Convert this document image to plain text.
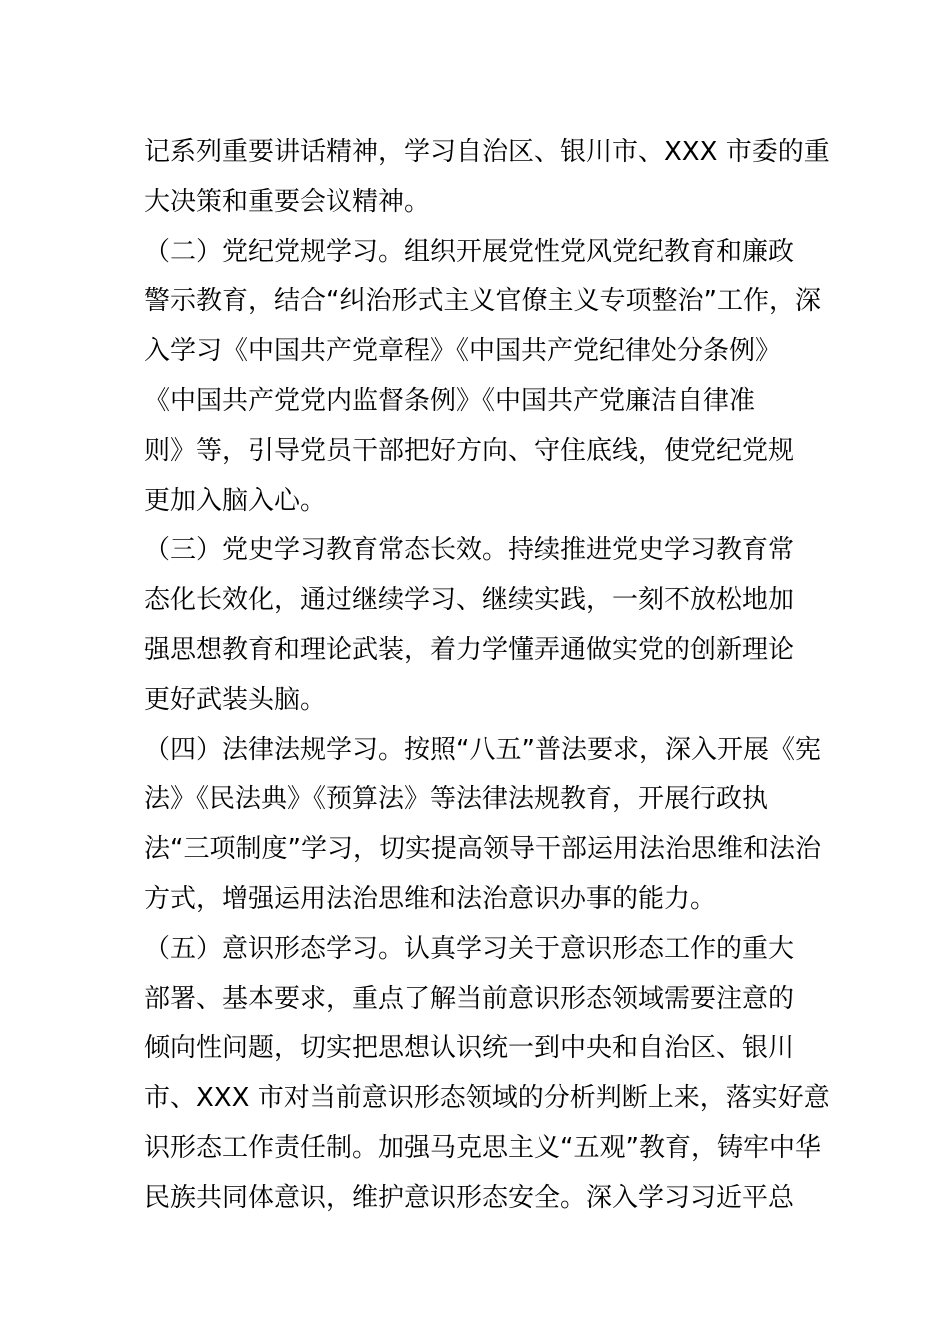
记系列重要讲话精神，学习自治区、银川市、XXX 市委的重
大决策和重要会议精神。
（二）党纪党规学习。组织开展党性党风党纪教育和廉政
警示教育，结合“纠治形式主义官僚主义专项整治”工作，深
入学习《中国共产党章程》《中国共产党纪律处分条例》
《中国共产党党内监督条例》《中国共产党廉洁自律准
则》等，引导党员干部把好方向、守住底线，使党纪党规
更加入脑入心。
（三）党史学习教育常态长效。持续推进党史学习教育常
态化长效化，通过继续学习、继续实践，一刻不放松地加
强思想教育和理论武装，着力学懂弄通做实党的创新理论
更好武装头脑。
（四）法律法规学习。按照“八五”普法要求，深入开展《宪
法》《民法典》《预算法》等法律法规教育，开展行政执
法“三项制度”学习，切实提高领导干部运用法治思维和法治
方式，增强运用法治思维和法治意识办事的能力。
（五）意识形态学习。认真学习关于意识形态工作的重大
部署、基本要求，重点了解当前意识形态领域需要注意的
倾向性问题，切实把思想认识统一到中央和自治区、银川
市、XXX 市对当前意识形态领域的分析判断上来，落实好意
识形态工作责任制。加强马克思主义“五观”教育，铸牢中华
民族共同体意识，维护意识形态安全。深入学习习近平总
